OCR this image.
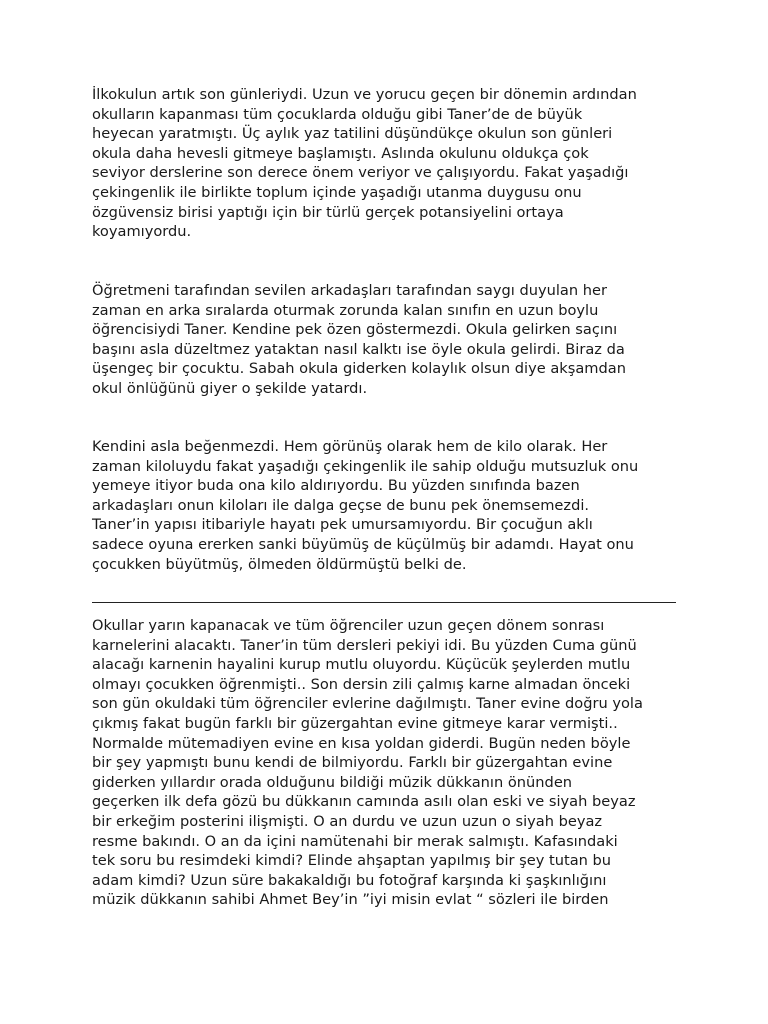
İlkokulun artık son günleriydi. Uzun ve yorucu geçen bir dönemin ardından
okulların kapanması tüm çocuklarda olduğu gibi Taner’de de büyük
heyecan yaratmıştı. Üç aylık yaz tatilini düşündükçe okulun son günleri
okula daha hevesli gitmeye başlamıştı. Aslında okulunu oldukça çok
seviyor derslerine son derece önem veriyor ve çalışıyordu. Fakat yaşadığı
çekingenlik ile birlikte toplum içinde yaşadığı utanma duygusu onu
özgüvensiz birisi yaptığı için bir türlü gerçek potansiyelini ortaya
koyamıyordu.
Öğretmeni tarafından sevilen arkadaşları tarafından saygı duyulan her
zaman en arka sıralarda oturmak zorunda kalan sınıfın en uzun boylu
öğrencisiydi Taner. Kendine pek özen göstermezdi. Okula gelirken saçını
başını asla düzeltmez yataktan nasıl kalktı ise öyle okula gelirdi. Biraz da
üşengeç bir çocuktu. Sabah okula giderken kolaylık olsun diye akşamdan
okul önlüğünü giyer o şekilde yatardı.
Kendini asla beğenmezdi. Hem görünüş olarak hem de kilo olarak. Her
zaman kiloluydu fakat yaşadığı çekingenlik ile sahip olduğu mutsuzluk onu
yemeye itiyor buda ona kilo aldırıyordu. Bu yüzden sınıfında bazen
arkadaşları onun kiloları ile dalga geçse de bunu pek önemsemezdi.
Taner’in yapısı itibariyle hayatı pek umursamıyordu. Bir çocuğun aklı
sadece oyuna ererken sanki büyümüş de küçülmüş bir adamdı. Hayat onu
çocukken büyütmüş, ölmeden öldürmüştü belki de.
Okullar yarın kapanacak ve tüm öğrenciler uzun geçen dönem sonrası
karnelerini alacaktı. Taner’in tüm dersleri pekiyi idi. Bu yüzden Cuma günü
alacağı karnenin hayalini kurup mutlu oluyordu. Küçücük şeylerden mutlu
olmayı çocukken öğrenmişti.. Son dersin zili çalmış karne almadan önceki
son gün okuldaki tüm öğrenciler evlerine dağılmıştı. Taner evine doğru yola
çıkmış fakat bugün farklı bir güzergahtan evine gitmeye karar vermişti..
Normalde mütemadiyen evine en kısa yoldan giderdi. Bugün neden böyle
bir şey yapmıştı bunu kendi de bilmiyordu. Farklı bir güzergahtan evine
giderken yıllardır orada olduğunu bildiği müzik dükkanın önünden
geçerken ilk defa gözü bu dükkanın camında asılı olan eski ve siyah beyaz
bir erkeğim posterini ilişmişti. O an durdu ve uzun uzun o siyah beyaz
resme bakındı. O an da içini namütenahi bir merak salmıştı. Kafasındaki
tek soru bu resimdeki kimdi? Elinde ahşaptan yapılmış bir şey tutan bu
adam kimdi? Uzun süre bakakaldığı bu fotoğraf karşında ki şaşkınlığını
müzik dükkanın sahibi Ahmet Bey’in ”iyi misin evlat “ sözleri ile birden
